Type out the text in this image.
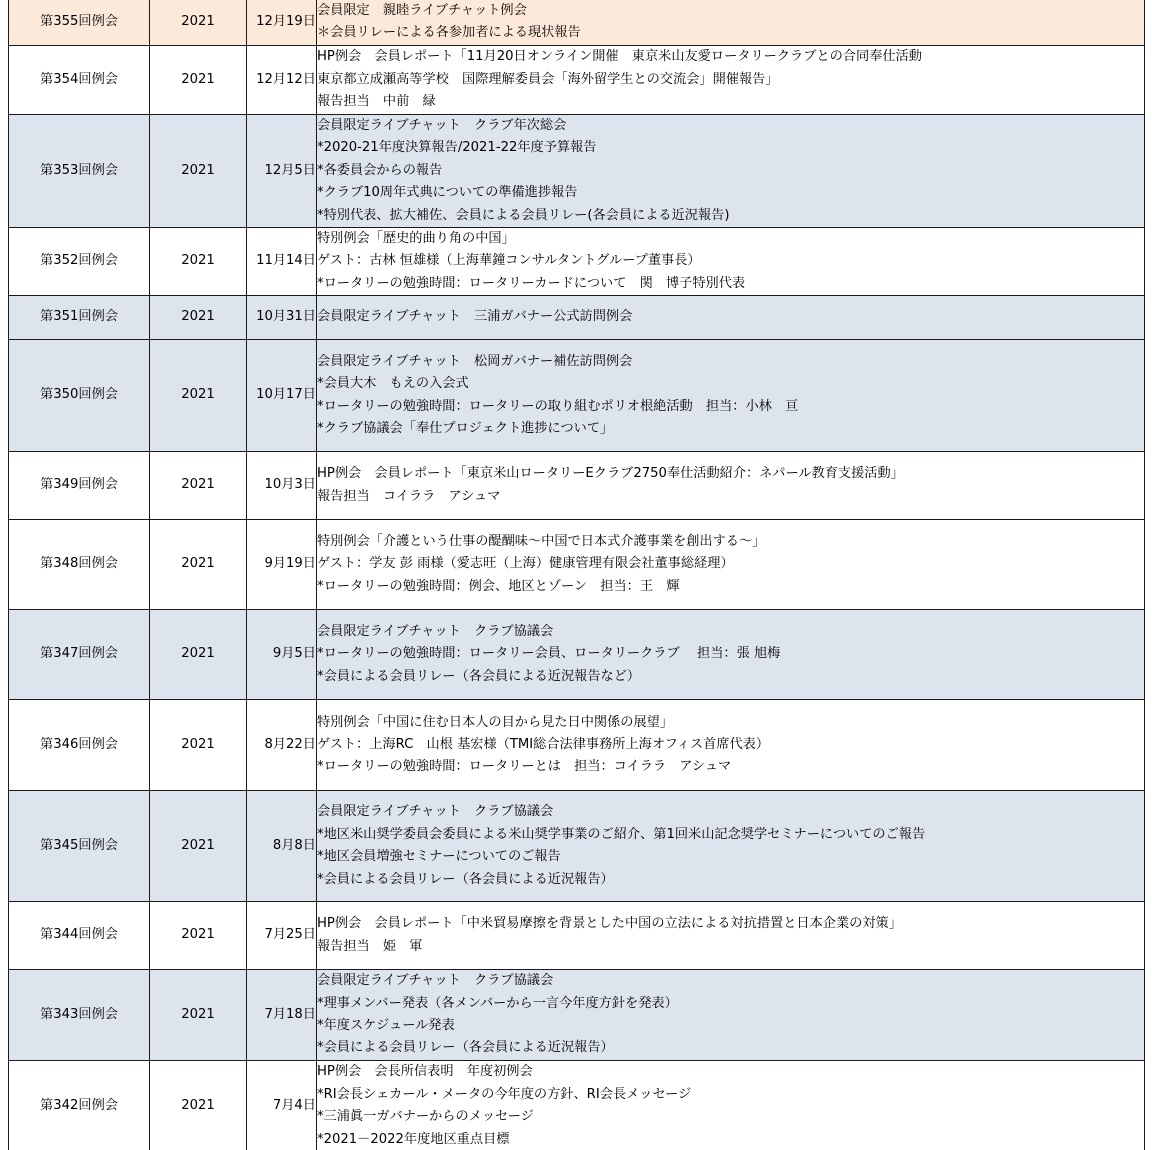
第355回例会	2021	12月19日	会員限定　親睦ライブチャット例会
＊会員リレーによる各参加者による現状報告

第354回例会	2021	12月12日	HP例会　会員レポート「11月20日オンライン開催　東京米山友愛ロータリークラブとの合同奉仕活動
東京都立成瀬高等学校　国際理解委員会「海外留学生との交流会」開催報告」
報告担当　中前　緑

第353回例会	2021	12月5日	会員限定ライブチャット　クラブ年次総会
*2020-21年度決算報告/2021-22年度予算報告
*各委員会からの報告
*クラブ10周年式典についての準備進捗報告
*特別代表、拡大補佐、会員による会員リレー(各会員による近況報告)

第352回例会	2021	11月14日	特別例会「歴史的曲り角の中国」
ゲスト：古林 恒雄様（上海華鐘コンサルタントグループ董事長）
*ロータリーの勉強時間：ロータリーカードについて　関　博子特別代表

第351回例会	2021	10月31日	会員限定ライブチャット　三浦ガバナー公式訪問例会

第350回例会	2021	10月17日	会員限定ライブチャット　松岡ガバナー補佐訪問例会
*会員大木　もえの入会式
*ロータリーの勉強時間：ロータリーの取り組むポリオ根絶活動　担当：小林　亘
*クラブ協議会「奉仕プロジェクト進捗について」

第349回例会	2021	10月3日	HP例会　会員レポート「東京米山ロータリーEクラブ2750奉仕活動紹介：ネパール教育支援活動」
報告担当　コイララ　アシュマ

第348回例会	2021	9月19日	特別例会「介護という仕事の醍醐味～中国で日本式介護事業を創出する～」
ゲスト：学友 彭 雨様（愛志旺（上海）健康管理有限会社董事総経理）
*ロータリーの勉強時間：例会、地区とゾーン　担当：王　輝

第347回例会	2021	9月5日	会員限定ライブチャット　クラブ協議会
*ロータリーの勉強時間：ロータリー会員、ロータリークラブ　 担当：張 旭梅
*会員による会員リレー（各会員による近況報告など）

第346回例会	2021	8月22日	特別例会「中国に住む日本人の目から見た日中関係の展望」
ゲスト：上海RC　山根 基宏様（TMI総合法律事務所上海オフィス首席代表）
*ロータリーの勉強時間：ロータリーとは　担当：コイララ　アシュマ

第345回例会	2021	8月8日	会員限定ライブチャット　クラブ協議会
*地区米山奨学委員会委員による米山奨学事業のご紹介、第1回米山記念奨学セミナーについてのご報告
*地区会員増強セミナーについてのご報告
*会員による会員リレー（各会員による近況報告）

第344回例会	2021	7月25日	HP例会　会員レポート「中米貿易摩擦を背景とした中国の立法による対抗措置と日本企業の対策」
報告担当　姫　軍

第343回例会	2021	7月18日	会員限定ライブチャット　クラブ協議会
*理事メンバー発表（各メンバーから一言今年度方針を発表）
*年度スケジュール発表
*会員による会員リレー（各会員による近況報告）

第342回例会	2021	7月4日	HP例会　会長所信表明　年度初例会
*RI会長シェカール・メータの今年度の方針、RI会長メッセージ
*三浦眞一ガバナーからのメッセージ
*2021－2022年度地区重点目標
